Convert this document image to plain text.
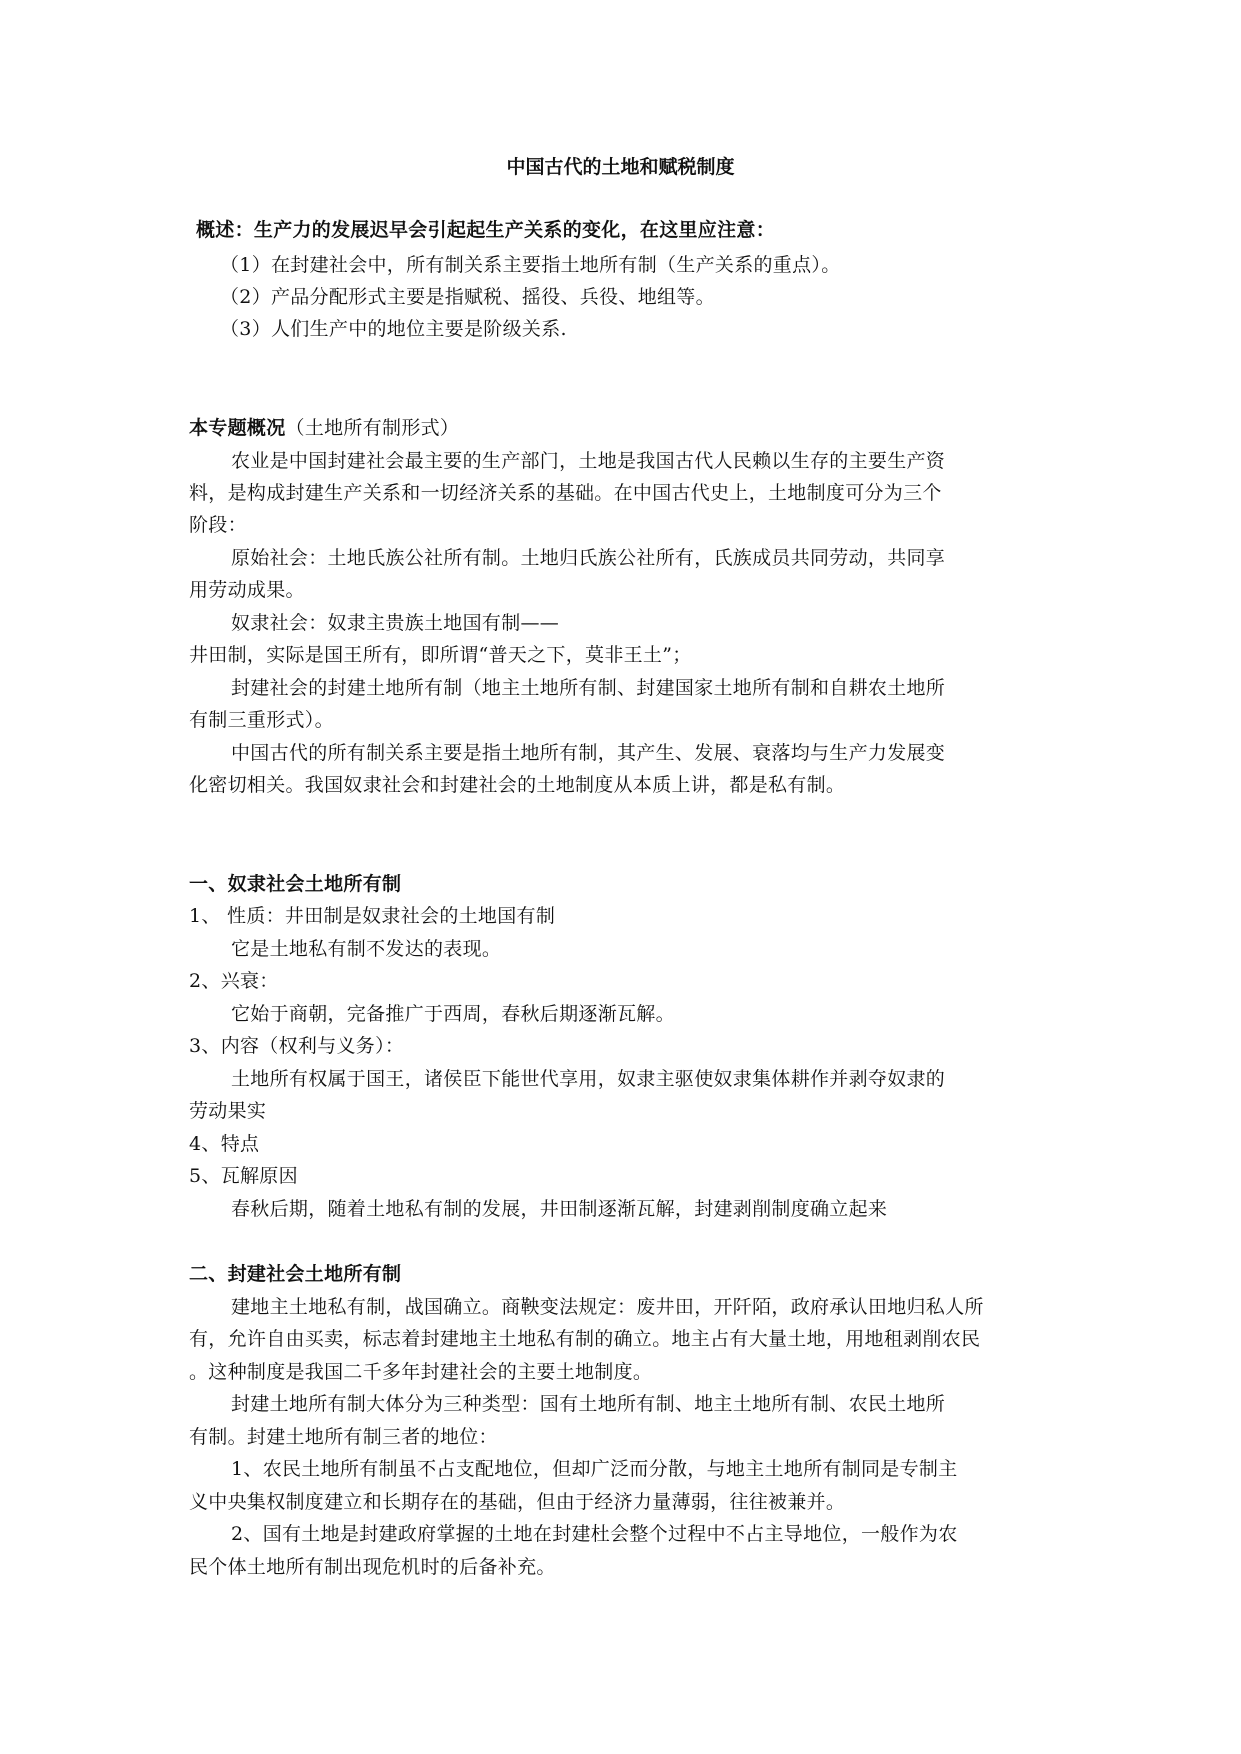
中国古代的土地和赋税制度
概述：生产力的发展迟早会引起起生产关系的变化，在这里应注意：
（1）在封建社会中，所有制关系主要指土地所有制（生产关系的重点）。
（2）产品分配形式主要是指赋税、摇役、兵役、地组等。
（3）人们生产中的地位主要是阶级关系.
本专题概况（土地所有制形式）
农业是中国封建社会最主要的生产部门，土地是我国古代人民赖以生存的主要生产资
料，是构成封建生产关系和一切经济关系的基础。在中国古代史上，土地制度可分为三个
阶段：
原始社会：土地氏族公社所有制。土地归氏族公社所有，氏族成员共同劳动，共同享
用劳动成果。
奴隶社会：奴隶主贵族土地国有制——
井田制，实际是国王所有，即所谓“普天之下，莫非王土”；
封建社会的封建土地所有制（地主土地所有制、封建国家土地所有制和自耕农土地所
有制三重形式）。
中国古代的所有制关系主要是指土地所有制，其产生、发展、衰落均与生产力发展变
化密切相关。我国奴隶社会和封建社会的土地制度从本质上讲，都是私有制。
一、奴隶社会土地所有制
1、 性质：井田制是奴隶社会的土地国有制
它是土地私有制不发达的表现。
2、兴衰：
它始于商朝，完备推广于西周，春秋后期逐渐瓦解。
3、内容（权利与义务）：
土地所有权属于国王，诸侯臣下能世代享用，奴隶主驱使奴隶集体耕作并剥夺奴隶的
劳动果实
4、特点
5、瓦解原因
春秋后期，随着土地私有制的发展，井田制逐渐瓦解，封建剥削制度确立起来
二、封建社会土地所有制
建地主土地私有制，战国确立。商鞅变法规定：废井田，开阡陌，政府承认田地归私人所
有，允许自由买卖，标志着封建地主土地私有制的确立。地主占有大量土地，用地租剥削农民
。这种制度是我国二千多年封建社会的主要土地制度。
封建土地所有制大体分为三种类型：国有土地所有制、地主土地所有制、农民土地所
有制。封建土地所有制三者的地位：
1、农民土地所有制虽不占支配地位，但却广泛而分散，与地主土地所有制同是专制主
义中央集权制度建立和长期存在的基础，但由于经济力量薄弱，往往被兼并。
2、国有土地是封建政府掌握的土地在封建杜会整个过程中不占主导地位，一般作为农
民个体土地所有制出现危机时的后备补充。
